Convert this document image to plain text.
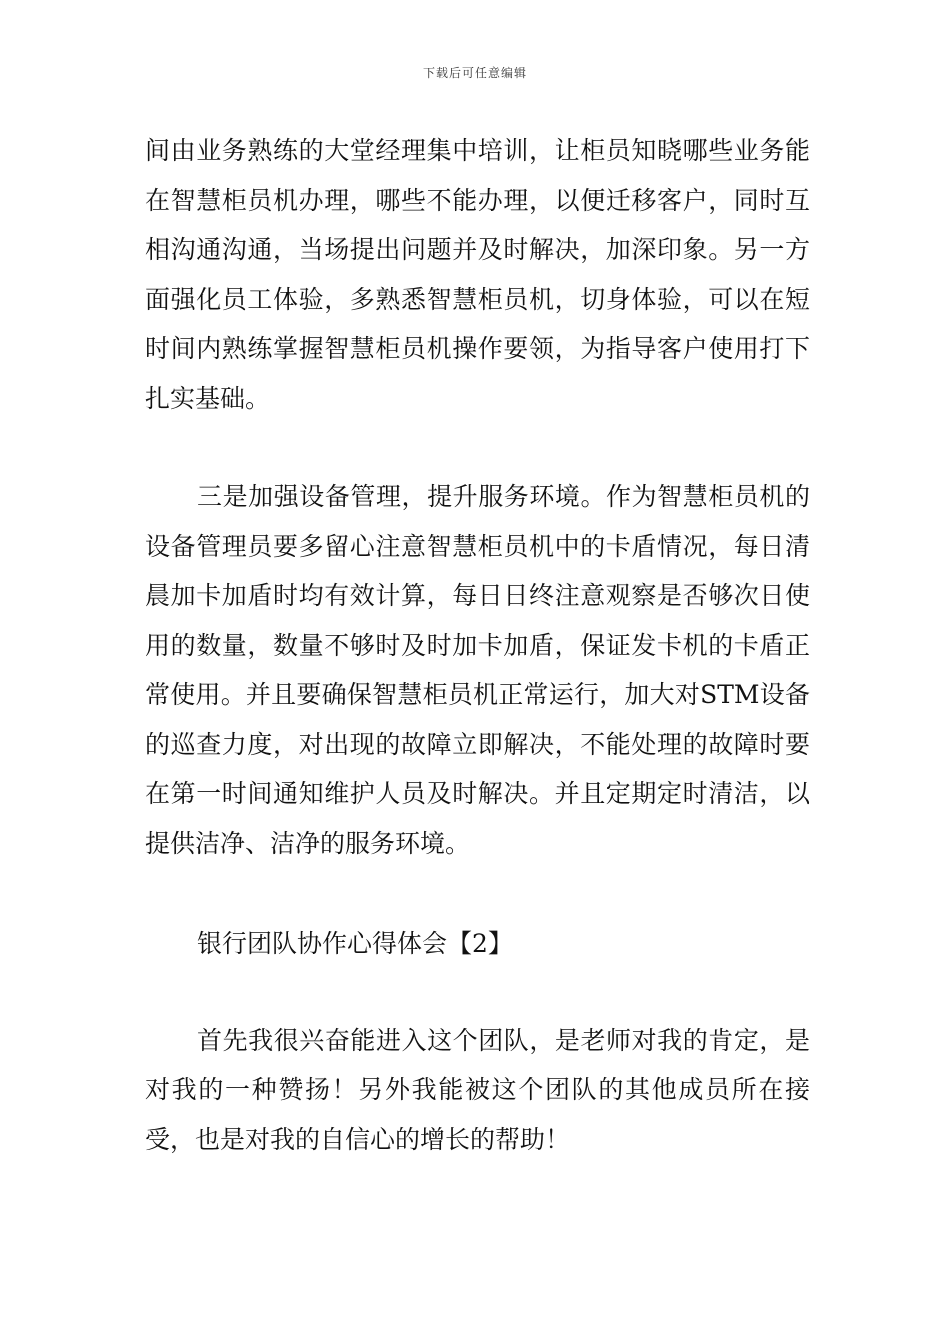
下载后可任意编辑

间由业务熟练的大堂经理集中培训，让柜员知晓哪些业务能在智慧柜员机办理，哪些不能办理，以便迁移客户，同时互相沟通沟通，当场提出问题并及时解决，加深印象。另一方面强化员工体验，多熟悉智慧柜员机，切身体验，可以在短时间内熟练掌握智慧柜员机操作要领，为指导客户使用打下扎实基础。

三是加强设备管理，提升服务环境。作为智慧柜员机的设备管理员要多留心注意智慧柜员机中的卡盾情况，每日清晨加卡加盾时均有效计算，每日日终注意观察是否够次日使用的数量，数量不够时及时加卡加盾，保证发卡机的卡盾正常使用。并且要确保智慧柜员机正常运行，加大对STM设备的巡查力度，对出现的故障立即解决，不能处理的故障时要在第一时间通知维护人员及时解决。并且定期定时清洁，以提供洁净、洁净的服务环境。

银行团队协作心得体会【2】

首先我很兴奋能进入这个团队，是老师对我的肯定，是对我的一种赞扬！另外我能被这个团队的其他成员所在接受，也是对我的自信心的增长的帮助！
